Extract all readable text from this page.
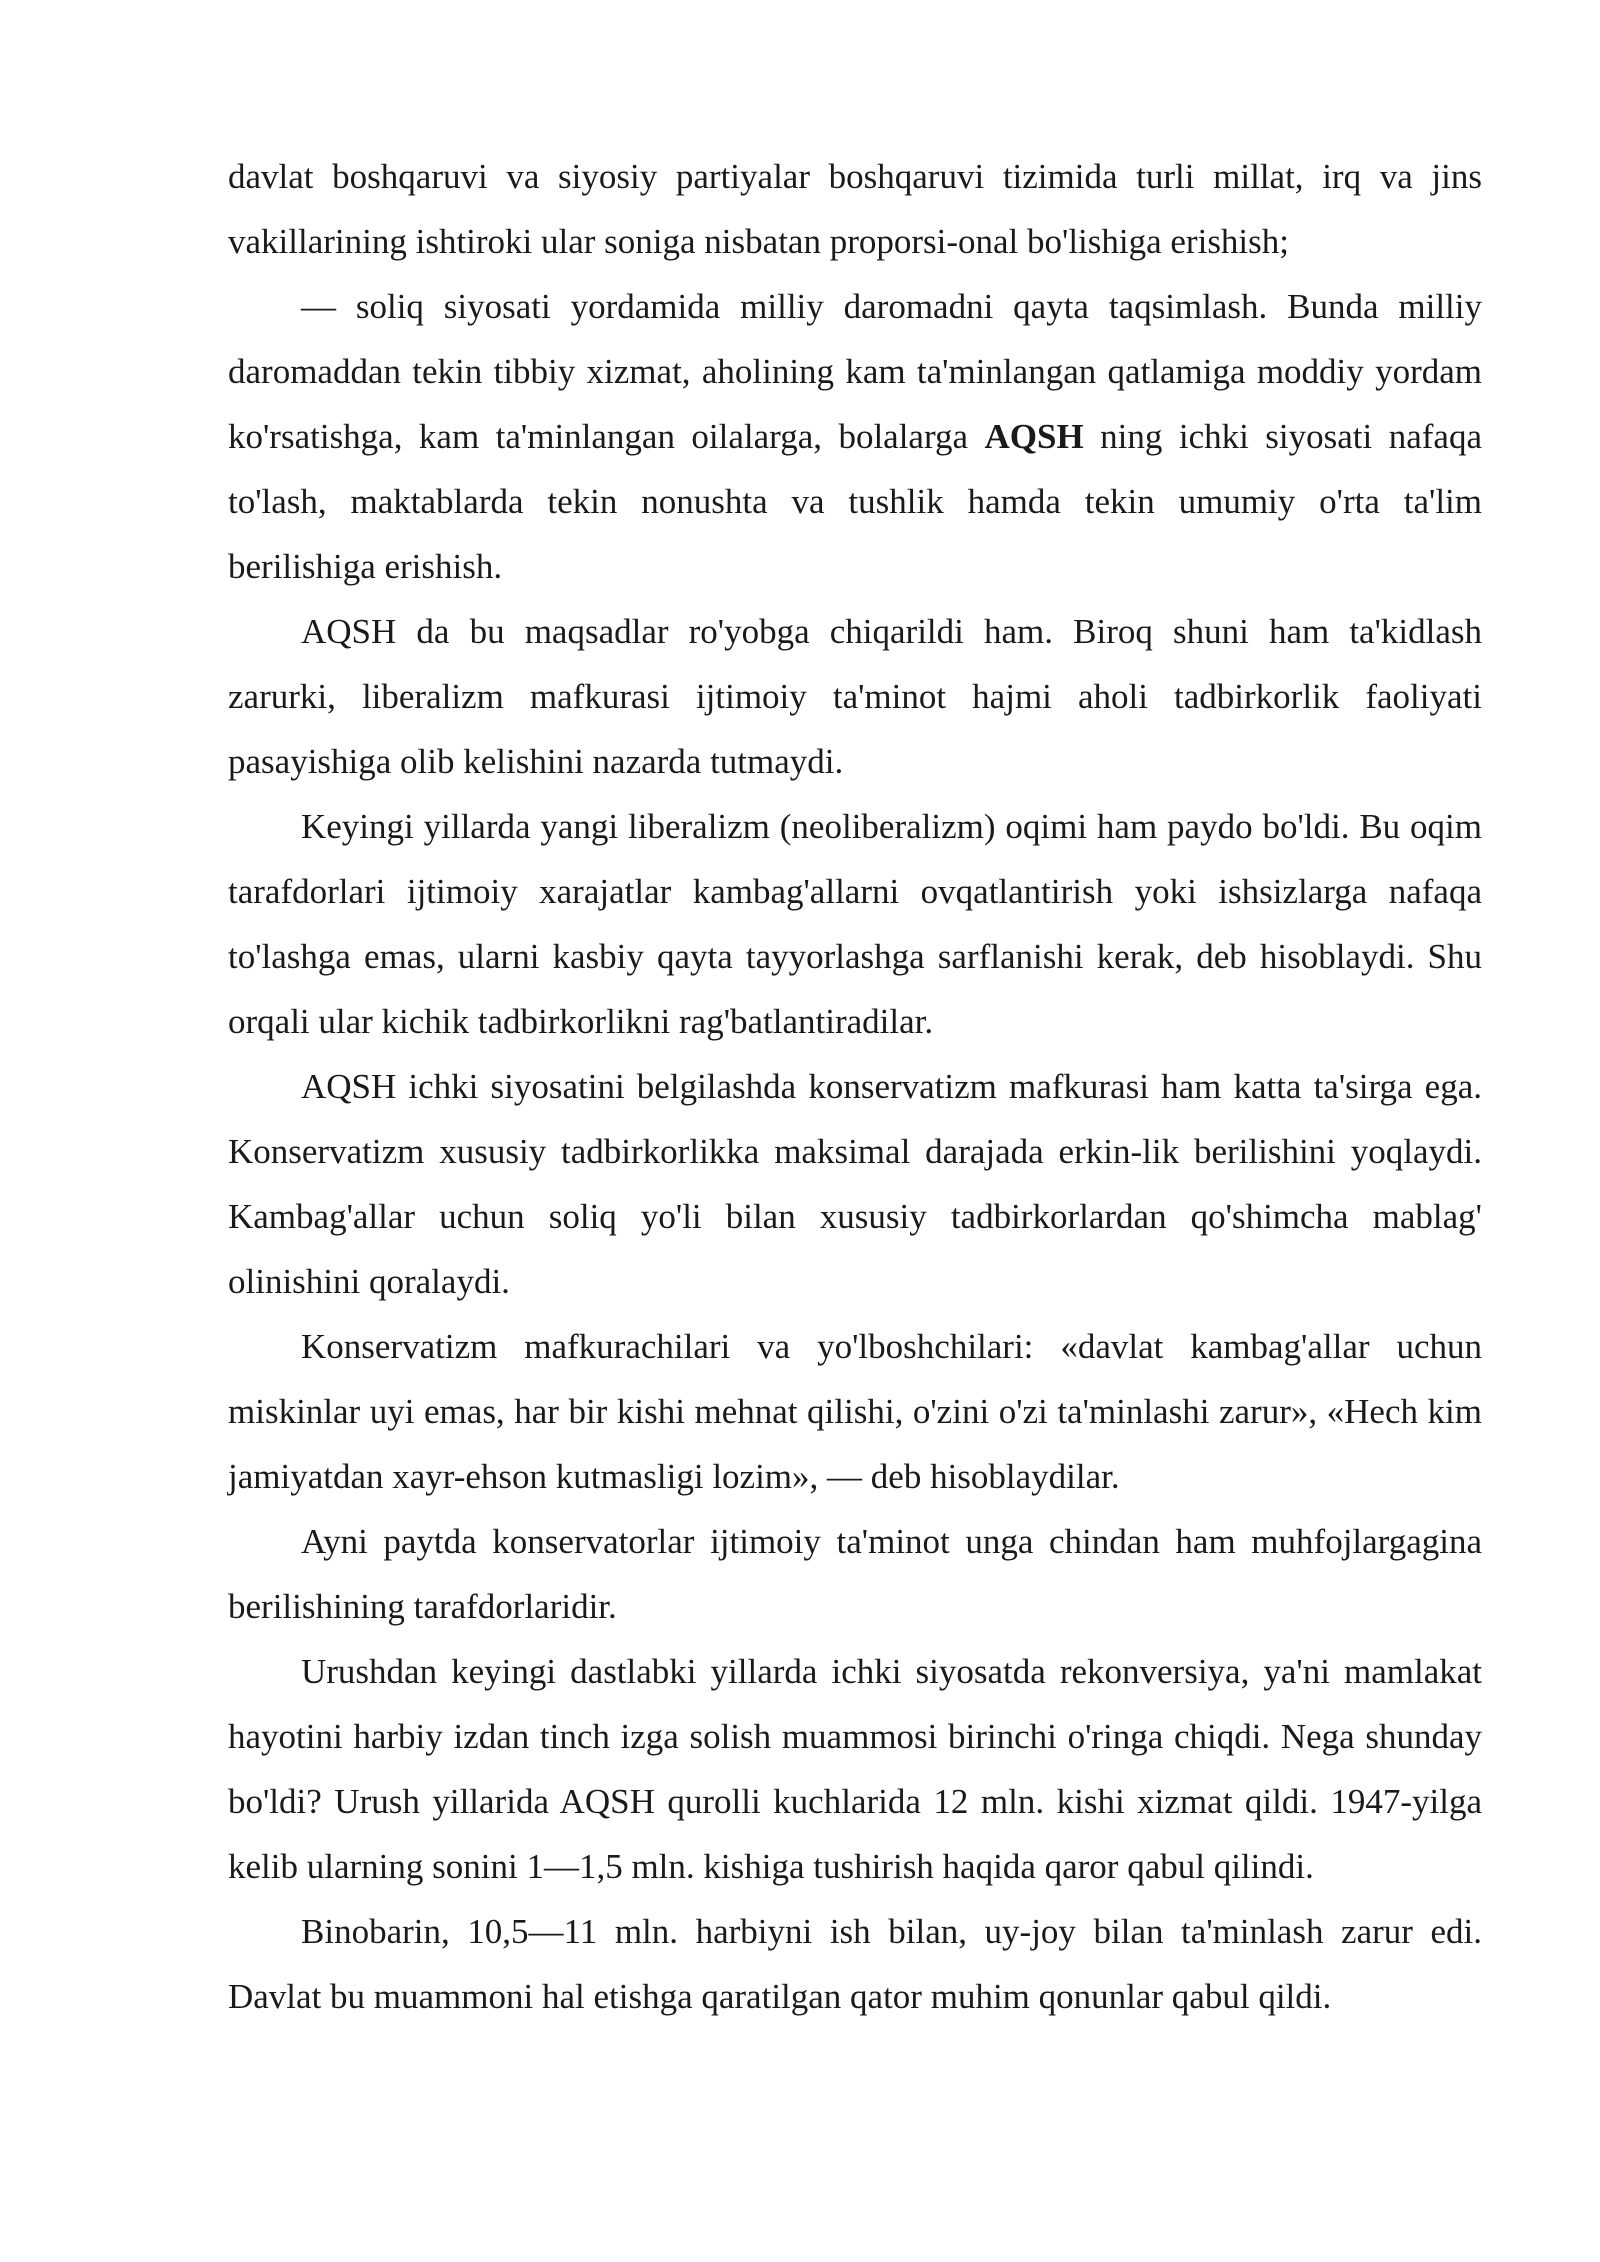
davlat boshqaruvi va siyosiy partiyalar boshqaruvi tizimida turli millat, irq va jins vakillarining ishtiroki ular soniga nisbatan proporsi-onal bo'lishiga erishish;

— soliq siyosati yordamida milliy daromadni qayta taqsimlash. Bunda milliy daromaddan tekin tibbiy xizmat, aholining kam ta'minlangan qatlamiga moddiy yordam ko'rsatishga, kam ta'minlangan oilalarga, bolalarga AQSH ning ichki siyosati nafaqa to'lash, maktablarda tekin nonushta va tushlik hamda tekin umumiy o'rta ta'lim berilishiga erishish.

AQSH da bu maqsadlar ro'yobga chiqarildi ham. Biroq shuni ham ta'kidlash zarurki, liberalizm mafkurasi ijtimoiy ta'minot hajmi aholi tadbirkorlik faoliyati pasayishiga olib kelishini nazarda tutmaydi.

Keyingi yillarda yangi liberalizm (neoliberalizm) oqimi ham paydo bo'ldi. Bu oqim tarafdorlari ijtimoiy xarajatlar kambag'allarni ovqatlantirish yoki ishsizlarga nafaqa to'lashga emas, ularni kasbiy qayta tayyorlashga sarflanishi kerak, deb hisoblaydi. Shu orqali ular kichik tadbirkorlikni rag'batlantiradilar.

AQSH ichki siyosatini belgilashda konservatizm mafkurasi ham katta ta'sirga ega. Konservatizm xususiy tadbirkorlikka maksimal darajada erkin-lik berilishini yoqlaydi. Kambag'allar uchun soliq yo'li bilan xususiy tadbirkorlardan qo'shimcha mablag' olinishini qoralaydi.

Konservatizm mafkurachilari va yo'lboshchilari: «davlat kambag'allar uchun miskinlar uyi emas, har bir kishi mehnat qilishi, o'zini o'zi ta'minlashi zarur», «Hech kim jamiyatdan xayr-ehson kutmasligi lozim», — deb hisoblaydilar.

Ayni paytda konservatorlar ijtimoiy ta'minot unga chindan ham muhfojlargagina berilishining tarafdorlaridir.

Urushdan keyingi dastlabki yillarda ichki siyosatda rekonversiya, ya'ni mamlakat hayotini harbiy izdan tinch izga solish muammosi birinchi o'ringa chiqdi. Nega shunday bo'ldi? Urush yillarida AQSH qurolli kuchlarida 12 mln. kishi xizmat qildi. 1947-yilga kelib ularning sonini 1—1,5 mln. kishiga tushirish haqida qaror qabul qilindi.

Binobarin, 10,5—11 mln. harbiyni ish bilan, uy-joy bilan ta'minlash zarur edi. Davlat bu muammoni hal etishga qaratilgan qator muhim qonunlar qabul qildi.
